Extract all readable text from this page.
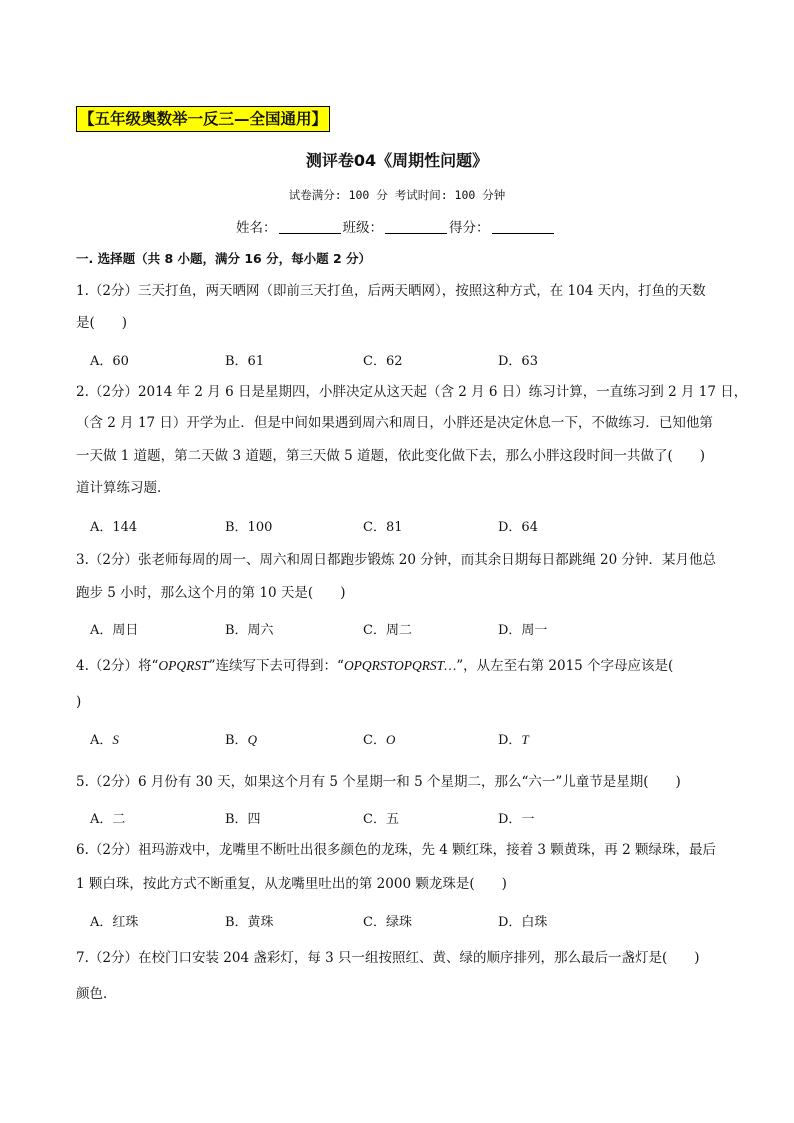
【五年级奥数举一反三—全国通用】
测评卷04《周期性问题》
试卷满分: 100 分 考试时间: 100 分钟
姓名：	班级：	得分：
一. 选择题（共 8 小题，满分 16 分，每小题 2 分）
1.（2分）三天打鱼，两天晒网（即前三天打鱼，后两天晒网），按照这种方式，在 104 天内，打鱼的天数
是(　　)
A．60	B．61	C．62	D．63
2.（2分）2014 年 2 月 6 日是星期四，小胖决定从这天起（含 2 月 6 日）练习计算，一直练习到 2 月 17 日，
（含 2 月 17 日）开学为止．但是中间如果遇到周六和周日，小胖还是决定休息一下，不做练习．已知他第
一天做 1 道题，第二天做 3 道题，第三天做 5 道题，依此变化做下去，那么小胖这段时间一共做了(　　)
道计算练习题．
A．144	B．100	C．81	D．64
3.（2分）张老师每周的周一、周六和周日都跑步锻炼 20 分钟，而其余日期每日都跳绳 20 分钟．某月他总
跑步 5 小时，那么这个月的第 10 天是(　　)
A．周日	B．周六	C．周二	D．周一
4.（2分）将“OPQRST”连续写下去可得到：“OPQRSTOPQRST…”，从左至右第 2015 个字母应该是(
)
A．S	B．Q	C．O	D．T
5.（2分）6 月份有 30 天，如果这个月有 5 个星期一和 5 个星期二，那么“六一”儿童节是星期(　　)
A．二	B．四	C．五	D．一
6.（2分）祖玛游戏中，龙嘴里不断吐出很多颜色的龙珠，先 4 颗红珠，接着 3 颗黄珠，再 2 颗绿珠，最后
1 颗白珠，按此方式不断重复，从龙嘴里吐出的第 2000 颗龙珠是(　　)
A．红珠	B．黄珠	C．绿珠	D．白珠
7.（2分）在校门口安装 204 盏彩灯，每 3 只一组按照红、黄、绿的顺序排列，那么最后一盏灯是(　　)
颜色．
